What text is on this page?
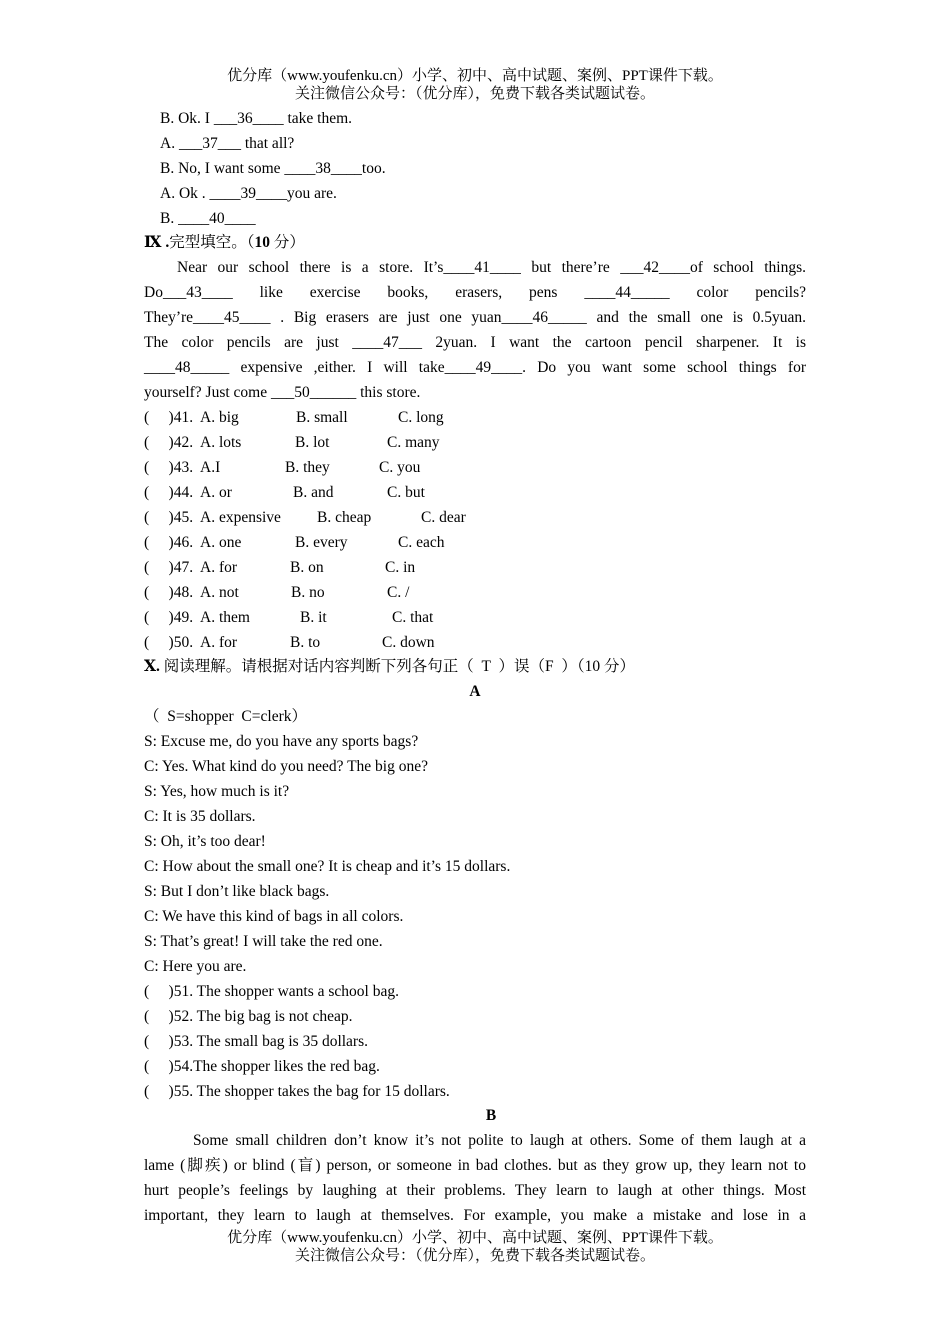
优分库（www.youfenku.cn）小学、初中、高中试题、案例、PPT课件下载。
关注微信公众号：（优分库），免费下载各类试题试卷。
B. Ok. I ___36____ take them.
A. ___37___ that all?
B. No, I want some ____38____too.
A. Ok . ____39____you are.
B. ____40____
Ⅸ .完型填空。（10 分）
Near our school there is a store. It’s____41____ but there’re ___42____of school things.
Do___43____ like exercise books, erasers, pens ____44_____ color pencils?
They’re____45____ . Big erasers are just one yuan____46_____ and the small one is 0.5yuan.
The color pencils are just ____47___ 2yuan. I want the cartoon pencil sharpener. It is
____48_____ expensive ,either. I will take____49____. Do you want some school things for
yourself? Just come ___50______ this store.
(     )41. A. big	B. small	C. long
(     )42. A. lots	B. lot	C. many
(     )43. A.I	B. they	C. you
(     )44. A. or	B. and	C. but
(     )45. A. expensive B. cheap	C. dear
(     )46. A. one	B. every	C. each
(     )47. A. for	B. on	C. in
(     )48. A. not	B. no	C. /
(     )49. A. them	B. it	C. that
(     )50. A. for	B. to	C. down
Ⅹ. 阅读理解。请根据对话内容判断下列各句正（  T  ）误（F  ）（10 分）
A
（  S=shopper  C=clerk）
S: Excuse me, do you have any sports bags?
C: Yes. What kind do you need? The big one?
S: Yes, how much is it?
C: It is 35 dollars.
S: Oh, it’s too dear!
C: How about the small one? It is cheap and it’s 15 dollars.
S: But I don’t like black bags.
C: We have this kind of bags in all colors.
S: That’s great! I will take the red one.
C: Here you are.
(     )51. The shopper wants a school bag.
(     )52. The big bag is not cheap.
(     )53. The small bag is 35 dollars.
(     )54.The shopper likes the red bag.
(     )55. The shopper takes the bag for 15 dollars.
B
Some small children don’t know it’s not polite to laugh at others. Some of them laugh at a
lame (脚疾) or blind (盲) person, or someone in bad clothes. but as they grow up, they learn not to
hurt people’s feelings by laughing at their problems. They learn to laugh at other things. Most
important, they learn to laugh at themselves. For example, you make a mistake and lose in a
优分库（www.youfenku.cn）小学、初中、高中试题、案例、PPT课件下载。
关注微信公众号：（优分库），免费下载各类试题试卷。
